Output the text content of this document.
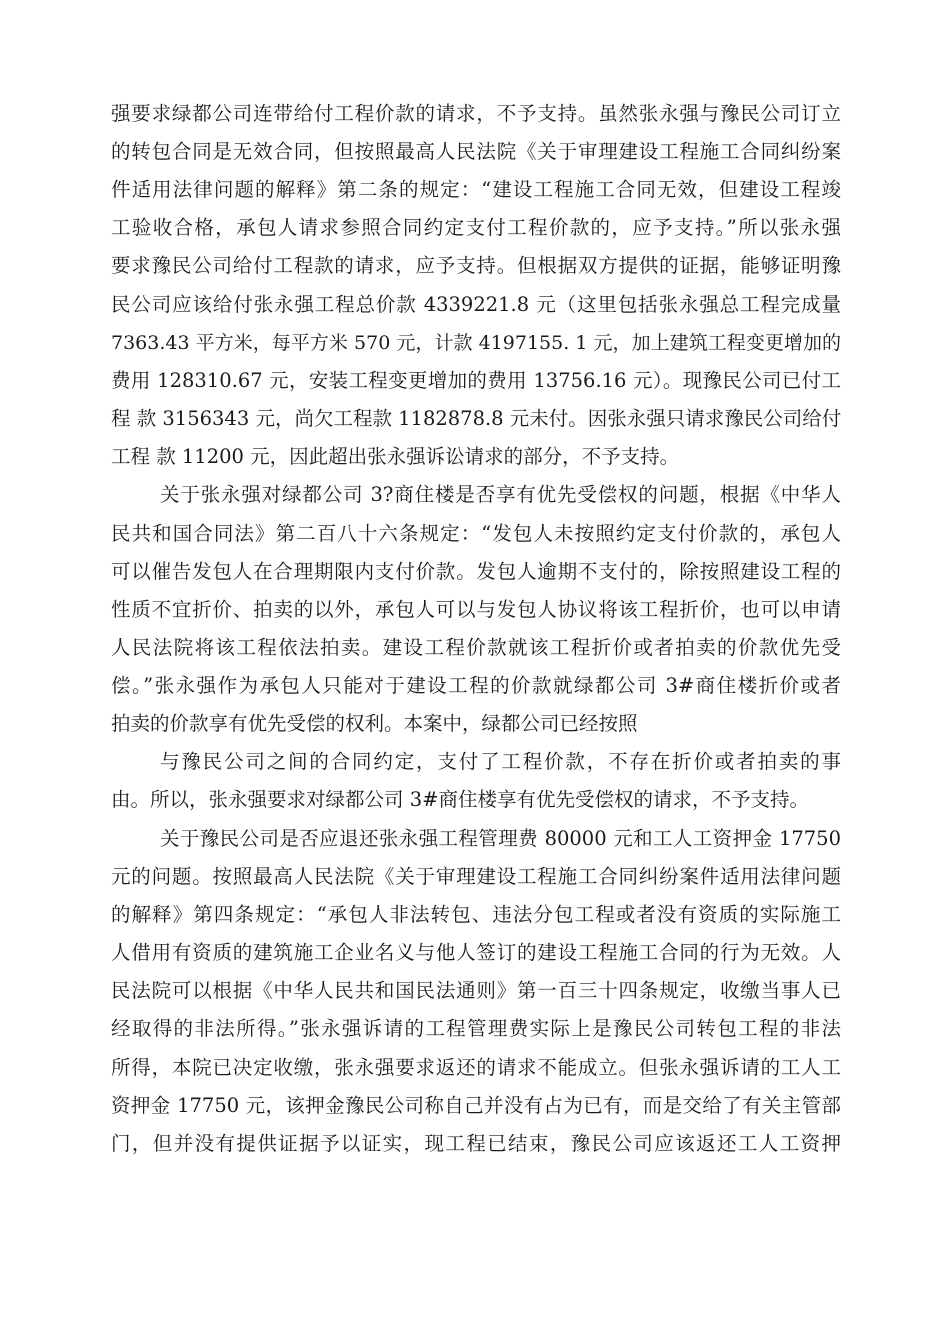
强要求绿都公司连带给付工程价款的请求，不予支持。虽然张永强与豫民公司订立
的转包合同是无效合同，但按照最高人民法院《关于审理建设工程施工合同纠纷案
件适用法律问题的解释》第二条的规定：“建设工程施工合同无效，但建设工程竣
工验收合格，承包人请求参照合同约定支付工程价款的，应予支持。”所以张永强
要求豫民公司给付工程款的请求，应予支持。但根据双方提供的证据，能够证明豫
民公司应该给付张永强工程总价款 4339221.8 元（这里包括张永强总工程完成量
7363.43 平方米，每平方米 570 元，计款 4197155. 1 元，加上建筑工程变更增加的
费用 128310.67 元，安装工程变更增加的费用 13756.16 元）。现豫民公司已付工
程 款 3156343 元，尚欠工程款 1182878.8 元未付。因张永强只请求豫民公司给付
工程 款 11200 元，因此超出张永强诉讼请求的部分，不予支持。
关于张永强对绿都公司 3?商住楼是否享有优先受偿权的问题，根据《中华人
民共和国合同法》第二百八十六条规定：“发包人未按照约定支付价款的，承包人
可以催告发包人在合理期限内支付价款。发包人逾期不支付的，除按照建设工程的
性质不宜折价、拍卖的以外，承包人可以与发包人协议将该工程折价，也可以申请
人民法院将该工程依法拍卖。建设工程价款就该工程折价或者拍卖的价款优先受
偿。”张永强作为承包人只能对于建设工程的价款就绿都公司 3#商住楼折价或者
拍卖的价款享有优先受偿的权利。本案中，绿都公司已经按照
与豫民公司之间的合同约定，支付了工程价款，不存在折价或者拍卖的事
由。所以，张永强要求对绿都公司 3#商住楼享有优先受偿权的请求，不予支持。
关于豫民公司是否应退还张永强工程管理费 80000 元和工人工资押金 17750
元的问题。按照最高人民法院《关于审理建设工程施工合同纠纷案件适用法律问题
的解释》第四条规定：“承包人非法转包、违法分包工程或者没有资质的实际施工
人借用有资质的建筑施工企业名义与他人签订的建设工程施工合同的行为无效。人
民法院可以根据《中华人民共和国民法通则》第一百三十四条规定，收缴当事人已
经取得的非法所得。”张永强诉请的工程管理费实际上是豫民公司转包工程的非法
所得，本院已决定收缴，张永强要求返还的请求不能成立。但张永强诉请的工人工
资押金 17750 元，该押金豫民公司称自己并没有占为已有，而是交给了有关主管部
门，但并没有提供证据予以证实，现工程已结束，豫民公司应该返还工人工资押
